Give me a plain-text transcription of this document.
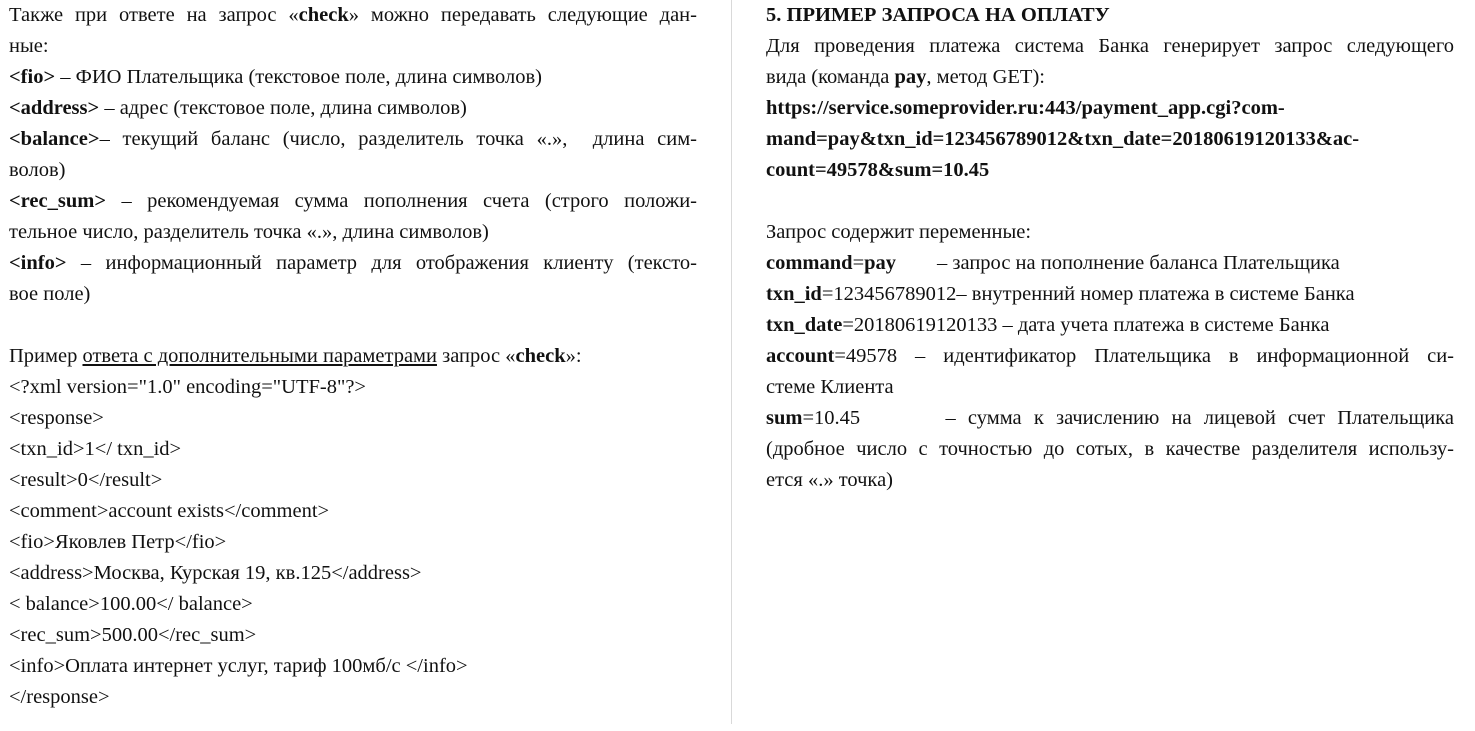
Также при ответе на запрос «check» можно передавать следующие дан-
ные:
<fio> – ФИО Плательщика (текстовое поле, длина символов)
<address> – адрес (текстовое поле, длина символов)
<balance>– текущий баланс (число, разделитель точка «.»,  длина сим-
волов)
<rec_sum> – рекомендуемая сумма пополнения счета (строго положи-
тельное число, разделитель точка «.», длина символов)
<info> – информационный параметр для отображения клиенту (тексто-
вое поле)
Пример ответа с дополнительными параметрами запрос «check»:
<?xml version="1.0" encoding="UTF-8"?>
<response>
<txn_id>1</ txn_id>
<result>0</result>
<comment>account exists</comment>
<fio>Яковлев Петр</fio>
<address>Москва, Курская 19, кв.125</address>
< balance>100.00</ balance>
<rec_sum>500.00</rec_sum>
<info>Оплата интернет услуг, тариф 100мб/с </info>
</response>
5. ПРИМЕР ЗАПРОСА НА ОПЛАТУ
Для проведения платежа система Банка генерирует запрос следующего
вида (команда pay, метод GET):
https://service.someprovider.ru:443/payment_app.cgi?com-
mand=pay&txn_id=123456789012&txn_date=20180619120133&ac-
count=49578&sum=10.45
Запрос содержит переменные:
command=pay        – запрос на пополнение баланса Плательщика
txn_id=123456789012– внутренний номер платежа в системе Банка
txn_date=20180619120133 – дата учета платежа в системе Банка
account=49578 – идентификатор Плательщика в информационной си-
стеме Клиента
sum=10.45       – сумма к зачислению на лицевой счет Плательщика
(дробное число с точностью до сотых, в качестве разделителя использу-
ется «.» точка)
